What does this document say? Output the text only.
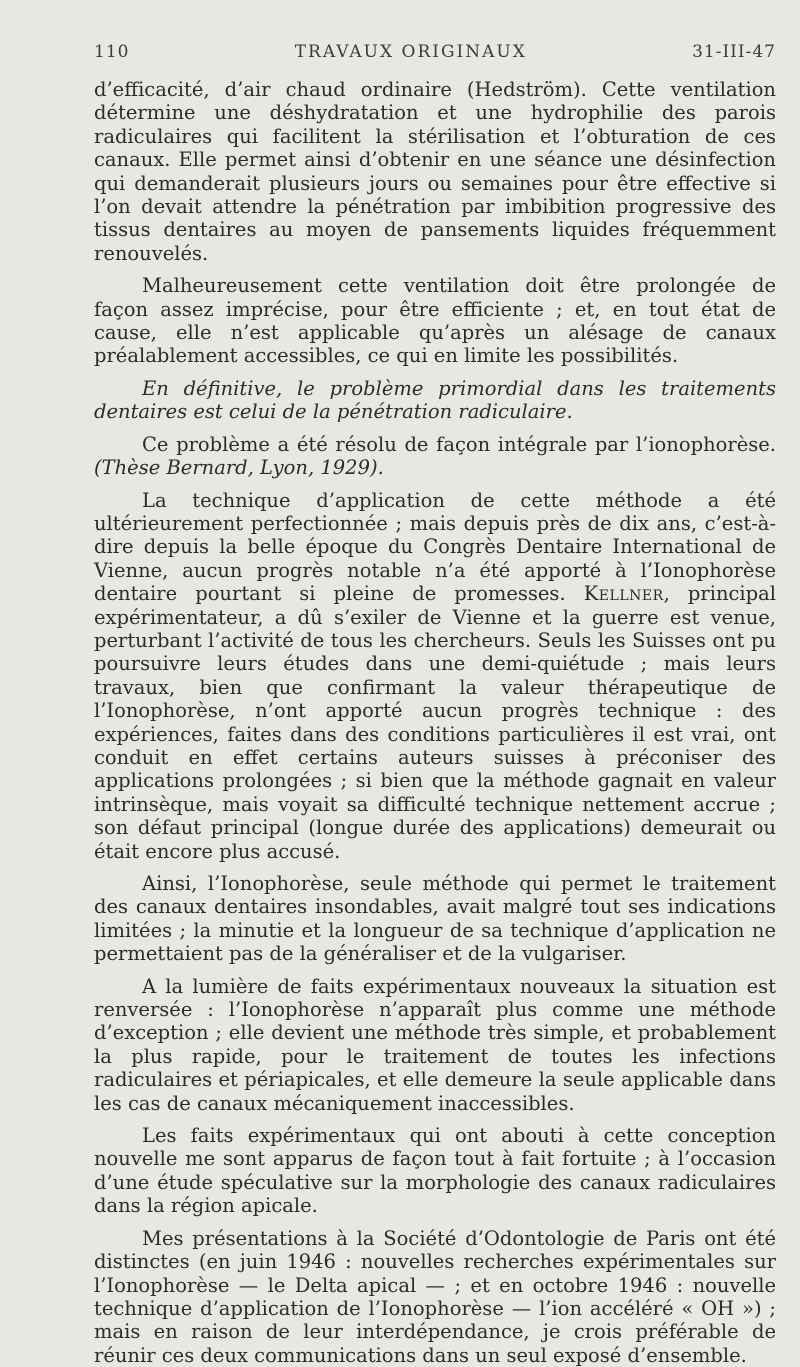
110	TRAVAUX ORIGINAUX	31-III-47

d’efficacité, d’air chaud ordinaire (Hedström). Cette ventilation détermine une déshydratation et une hydrophilie des parois radiculaires qui facilitent la stérilisation et l’obturation de ces canaux. Elle permet ainsi d’obtenir en une séance une désinfection qui demanderait plusieurs jours ou semaines pour être effective si l’on devait attendre la pénétration par imbibition progressive des tissus dentaires au moyen de pansements liquides fréquemment renouvelés.

Malheureusement cette ventilation doit être prolongée de façon assez imprécise, pour être efficiente ; et, en tout état de cause, elle n’est applicable qu’après un alésage de canaux préalablement accessibles, ce qui en limite les possibilités.

En définitive, le problème primordial dans les traitements dentaires est celui de la pénétration radiculaire.

Ce problème a été résolu de façon intégrale par l’ionophorèse. (Thèse Bernard, Lyon, 1929).

La technique d’application de cette méthode a été ultérieurement perfectionnée ; mais depuis près de dix ans, c’est-à-dire depuis la belle époque du Congrès Dentaire International de Vienne, aucun progrès notable n’a été apporté à l’Ionophorèse dentaire pourtant si pleine de promesses. Kellner, principal expérimentateur, a dû s’exiler de Vienne et la guerre est venue, perturbant l’activité de tous les chercheurs. Seuls les Suisses ont pu poursuivre leurs études dans une demi-quiétude ; mais leurs travaux, bien que confirmant la valeur thérapeutique de l’Ionophorèse, n’ont apporté aucun progrès technique : des expériences, faites dans des conditions particulières il est vrai, ont conduit en effet certains auteurs suisses à préconiser des applications prolongées ; si bien que la méthode gagnait en valeur intrinsèque, mais voyait sa difficulté technique nettement accrue ; son défaut principal (longue durée des applications) demeurait ou était encore plus accusé.

Ainsi, l’Ionophorèse, seule méthode qui permet le traitement des canaux dentaires insondables, avait malgré tout ses indications limitées ; la minutie et la longueur de sa technique d’application ne permettaient pas de la généraliser et de la vulgariser.

A la lumière de faits expérimentaux nouveaux la situation est renversée : l’Ionophorèse n’apparaît plus comme une méthode d’exception ; elle devient une méthode très simple, et probablement la plus rapide, pour le traitement de toutes les infections radiculaires et périapicales, et elle demeure la seule applicable dans les cas de canaux mécaniquement inaccessibles.

Les faits expérimentaux qui ont abouti à cette conception nouvelle me sont apparus de façon tout à fait fortuite ; à l’occasion d’une étude spéculative sur la morphologie des canaux radiculaires dans la région apicale.

Mes présentations à la Société d’Odontologie de Paris ont été distinctes (en juin 1946 : nouvelles recherches expérimentales sur l’Ionophorèse — le Delta apical — ; et en octobre 1946 : nouvelle technique d’application de l’Ionophorèse — l’ion accéléré « OH ») ; mais en raison de leur interdépendance, je crois préférable de réunir ces deux communications dans un seul exposé d’ensemble.
